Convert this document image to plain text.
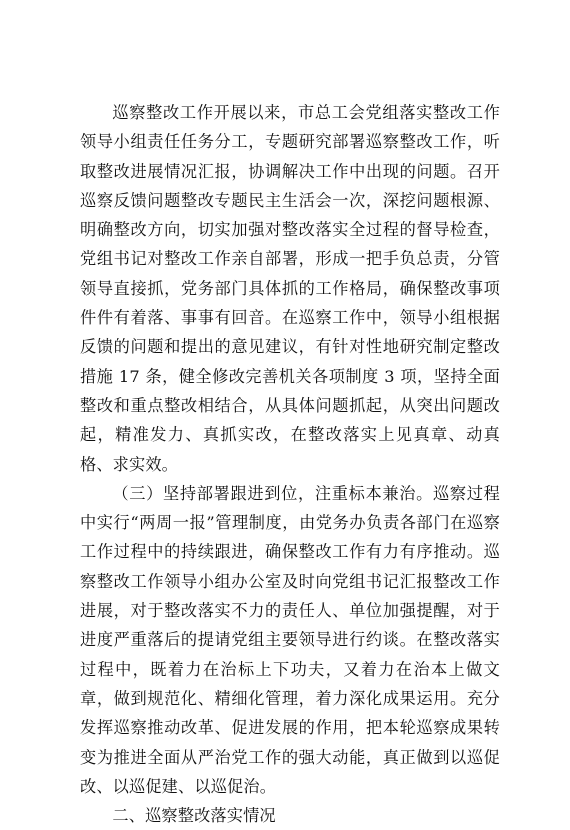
巡察整改工作开展以来，市总工会党组落实整改工作领导小组责任任务分工，专题研究部署巡察整改工作，听取整改进展情况汇报，协调解决工作中出现的问题。召开巡察反馈问题整改专题民主生活会一次，深挖问题根源、明确整改方向，切实加强对整改落实全过程的督导检查，党组书记对整改工作亲自部署，形成一把手负总责，分管领导直接抓，党务部门具体抓的工作格局，确保整改事项件件有着落、事事有回音。在巡察工作中，领导小组根据反馈的问题和提出的意见建议，有针对性地研究制定整改措施 17 条，健全修改完善机关各项制度 3 项，坚持全面整改和重点整改相结合，从具体问题抓起，从突出问题改起，精准发力、真抓实改，在整改落实上见真章、动真格、求实效。

（三）坚持部署跟进到位，注重标本兼治。巡察过程中实行“两周一报”管理制度，由党务办负责各部门在巡察工作过程中的持续跟进，确保整改工作有力有序推动。巡察整改工作领导小组办公室及时向党组书记汇报整改工作进展，对于整改落实不力的责任人、单位加强提醒，对于进度严重落后的提请党组主要领导进行约谈。在整改落实过程中，既着力在治标上下功夫，又着力在治本上做文章，做到规范化、精细化管理，着力深化成果运用。充分发挥巡察推动改革、促进发展的作用，把本轮巡察成果转变为推进全面从严治党工作的强大动能，真正做到以巡促改、以巡促建、以巡促治。

二、巡察整改落实情况
